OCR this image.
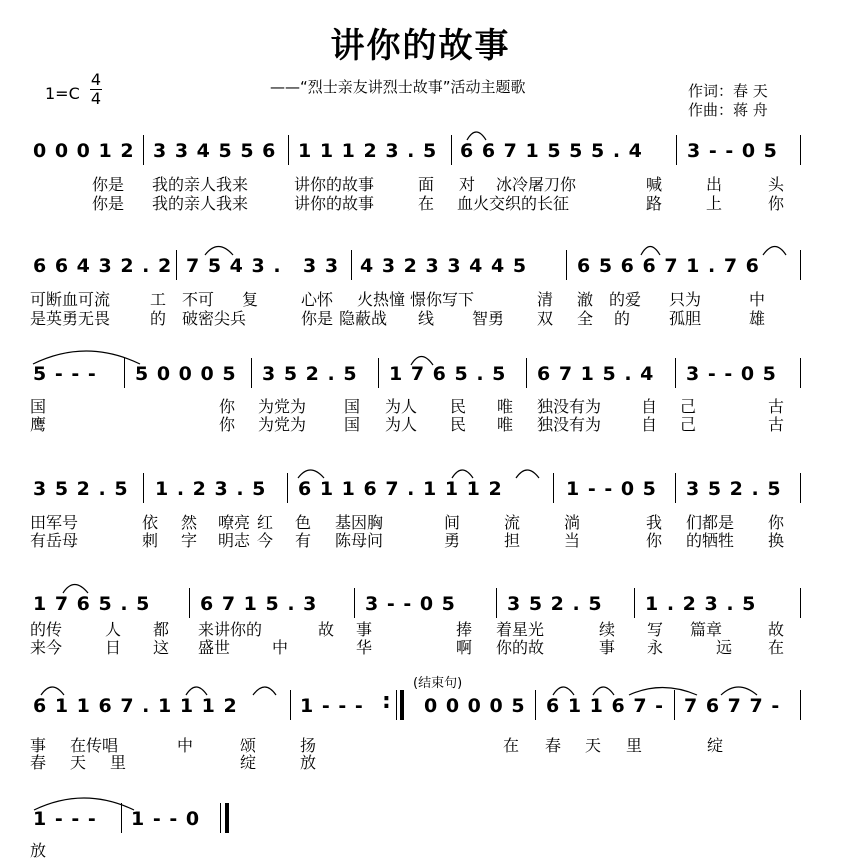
讲你的故事
——“烈士亲友讲烈士故事”活动主题歌
1=C
4
4	作词：春 天
作曲：蒋 舟
(结束句)
0 0 0 1 2 3 3 4 5 5 6 1 1 1 2 3 . 5 6 6 7 1 5 5 5 . 4 3 - - 0 5
你是 我的亲人我来	讲你的故事	面 对 冰冷屠刀你	喊	出	头
你是 我的亲人我来	讲你的故事	在 血火交织的长征	路	上	你
6 6 4 3 2 . 2 7 5 4 3 . 3 3 4 3 2 3 3 4 4 5	6 5 6 6 7 1 . 7 6
可断血可流 工 不可 复	心怀 火热憧 憬你写下	清 澈 的爱 只为	中
是英勇无畏 的 破密尖兵	你是 隐蔽战 线 智勇 双 全 的 孤胆	雄
5 - - - 5 0 0 0 5 3 5 2 . 5 1 7 6 5 . 5 6 7 1 5 . 4 3 - - 0 5
国	你 为党为 国 为人 民 唯 独没有为 自 己	古
鹰	你 为党为 国 为人 民 唯 独没有为 自 己	古
3 5 2 . 5 1 . 2 3 . 5 6 1 1 6 7 . 1 1 1 2	1 - - 0 5 3 5 2 . 5
田军号	依 然 嘹亮 红 色 基因胸	间	流	淌	我 们都是 你
有岳母	刺 字 明志 今 有 陈母问	勇	担	当	你 的牺牲 换
1 7 6 5 . 5	6 7 1 5 . 3	3 - - 0 5	3 5 2 . 5 1 . 2 3 . 5
的传	人 都 来讲你的	故 事	捧 着星光	续 写 篇章	故
来今	日 这 盛世	中	华	啊 你的故	事 永	远 在
6 1 1 6 7 . 1 1 1 2	1 - - -	0 0 0 0 5 6 1 1 6 7 - 7 6 7 7 -
:
事 在传唱	中	颂	扬	在 春 天 里	绽
春 天 里	绽	放
1 - - - 1 - - 0
放
